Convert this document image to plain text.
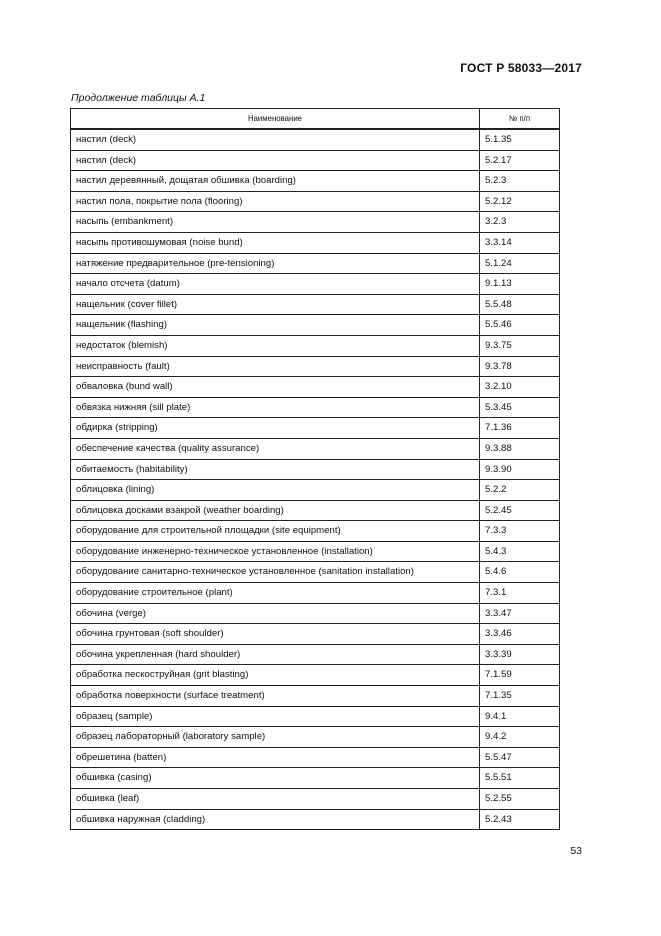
ГОСТ Р 58033—2017
Продолжение таблицы А.1
Наименование	№ п/п
настил (deck)	5.1.35
настил (deck)	5.2.17
настил деревянный, дощатая обшивка (boarding)	5.2.3
настил пола, покрытие пола (flooring)	5.2.12
насыпь (embankment)	3.2.3
насыпь противошумовая (noise bund)	3.3.14
натяжение предварительное (pre-tensioning)	5.1.24
начало отсчета (datum)	9.1.13
нащельник (cover fillet)	5.5.48
нащельник (flashing)	5.5.46
недостаток (blemish)	9.3.75
неисправность (fault)	9.3.78
обваловка (bund wall)	3.2.10
обвязка нижняя (sill plate)	5.3.45
обдирка (stripping)	7.1.36
обеспечение качества (quality assurance)	9.3.88
обитаемость (habitability)	9.3.90
облицовка (lining)	5.2.2
облицовка досками взакрой (weather boarding)	5.2.45
оборудование для строительной площадки (site equipment)	7.3.3
оборудование инженерно-техническое установленное (installation)	5.4.3
оборудование санитарно-техническое установленное (sanitation installation)	5.4.6
оборудование строительное (plant)	7.3.1
обочина (verge)	3.3.47
обочина грунтовая (soft shoulder)	3.3.46
обочина укрепленная (hard shoulder)	3.3.39
обработка пескоструйная (grit blasting)	7.1.59
обработка поверхности (surface treatment)	7.1.35
образец (sample)	9.4.1
образец лабораторный (laboratory sample)	9.4.2
обрешетина (batten)	5.5.47
обшивка (casing)	5.5.51
обшивка (leaf)	5.2.55
обшивка наружная (cladding)	5.2.43
53
